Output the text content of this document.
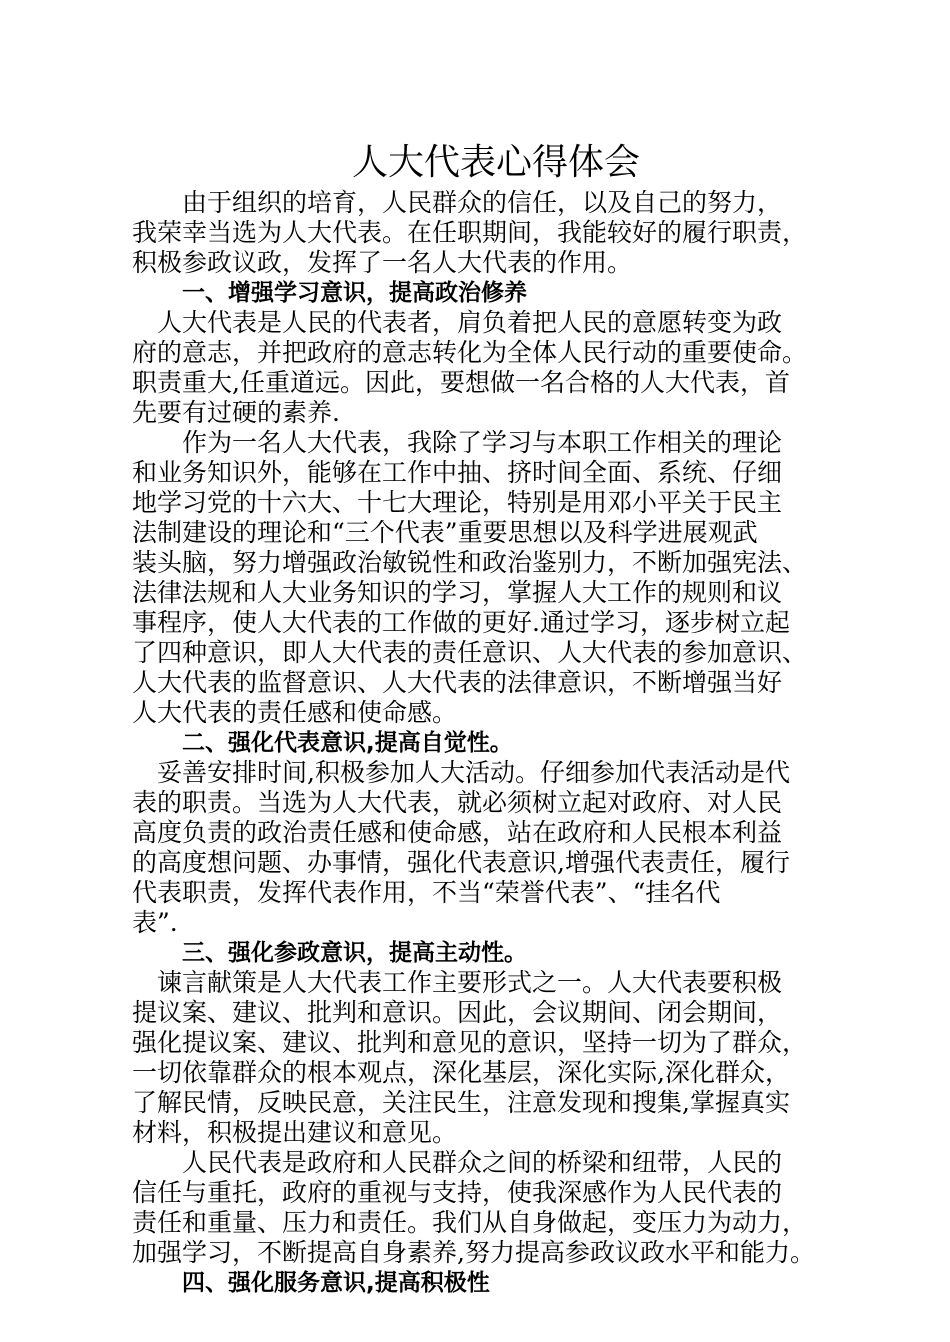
人大代表心得体会
由于组织的培育，人民群众的信任，以及自己的努力，
我荣幸当选为人大代表。在任职期间，我能较好的履行职责，
积极参政议政，发挥了一名人大代表的作用。
一、增强学习意识，提高政治修养
人大代表是人民的代表者，肩负着把人民的意愿转变为政
府的意志，并把政府的意志转化为全体人民行动的重要使命。
职责重大,任重道远。因此，要想做一名合格的人大代表，首
先要有过硬的素养.
作为一名人大代表，我除了学习与本职工作相关的理论
和业务知识外，能够在工作中抽、挤时间全面、系统、仔细
地学习党的十六大、十七大理论，特别是用邓小平关于民主
法制建设的理论和“三个代表”重要思想以及科学进展观武
装头脑，努力增强政治敏锐性和政治鉴别力，不断加强宪法、
法律法规和人大业务知识的学习，掌握人大工作的规则和议
事程序，使人大代表的工作做的更好.通过学习，逐步树立起
了四种意识，即人大代表的责任意识、人大代表的参加意识、
人大代表的监督意识、人大代表的法律意识，不断增强当好
人大代表的责任感和使命感。
二、强化代表意识,提高自觉性。
妥善安排时间,积极参加人大活动。仔细参加代表活动是代
表的职责。当选为人大代表，就必须树立起对政府、对人民
高度负责的政治责任感和使命感，站在政府和人民根本利益
的高度想问题、办事情，强化代表意识,增强代表责任，履行
代表职责，发挥代表作用，不当“荣誉代表”、“挂名代
表”.
三、强化参政意识，提高主动性。
谏言献策是人大代表工作主要形式之一。人大代表要积极
提议案、建议、批判和意识。因此，会议期间、闭会期间，
强化提议案、建议、批判和意见的意识，坚持一切为了群众，
一切依靠群众的根本观点，深化基层，深化实际,深化群众，
了解民情，反映民意，关注民生，注意发现和搜集,掌握真实
材料，积极提出建议和意见。
人民代表是政府和人民群众之间的桥梁和纽带，人民的
信任与重托，政府的重视与支持，使我深感作为人民代表的
责任和重量、压力和责任。我们从自身做起，变压力为动力，
加强学习，不断提高自身素养,努力提高参政议政水平和能力。
四、强化服务意识,提高积极性
